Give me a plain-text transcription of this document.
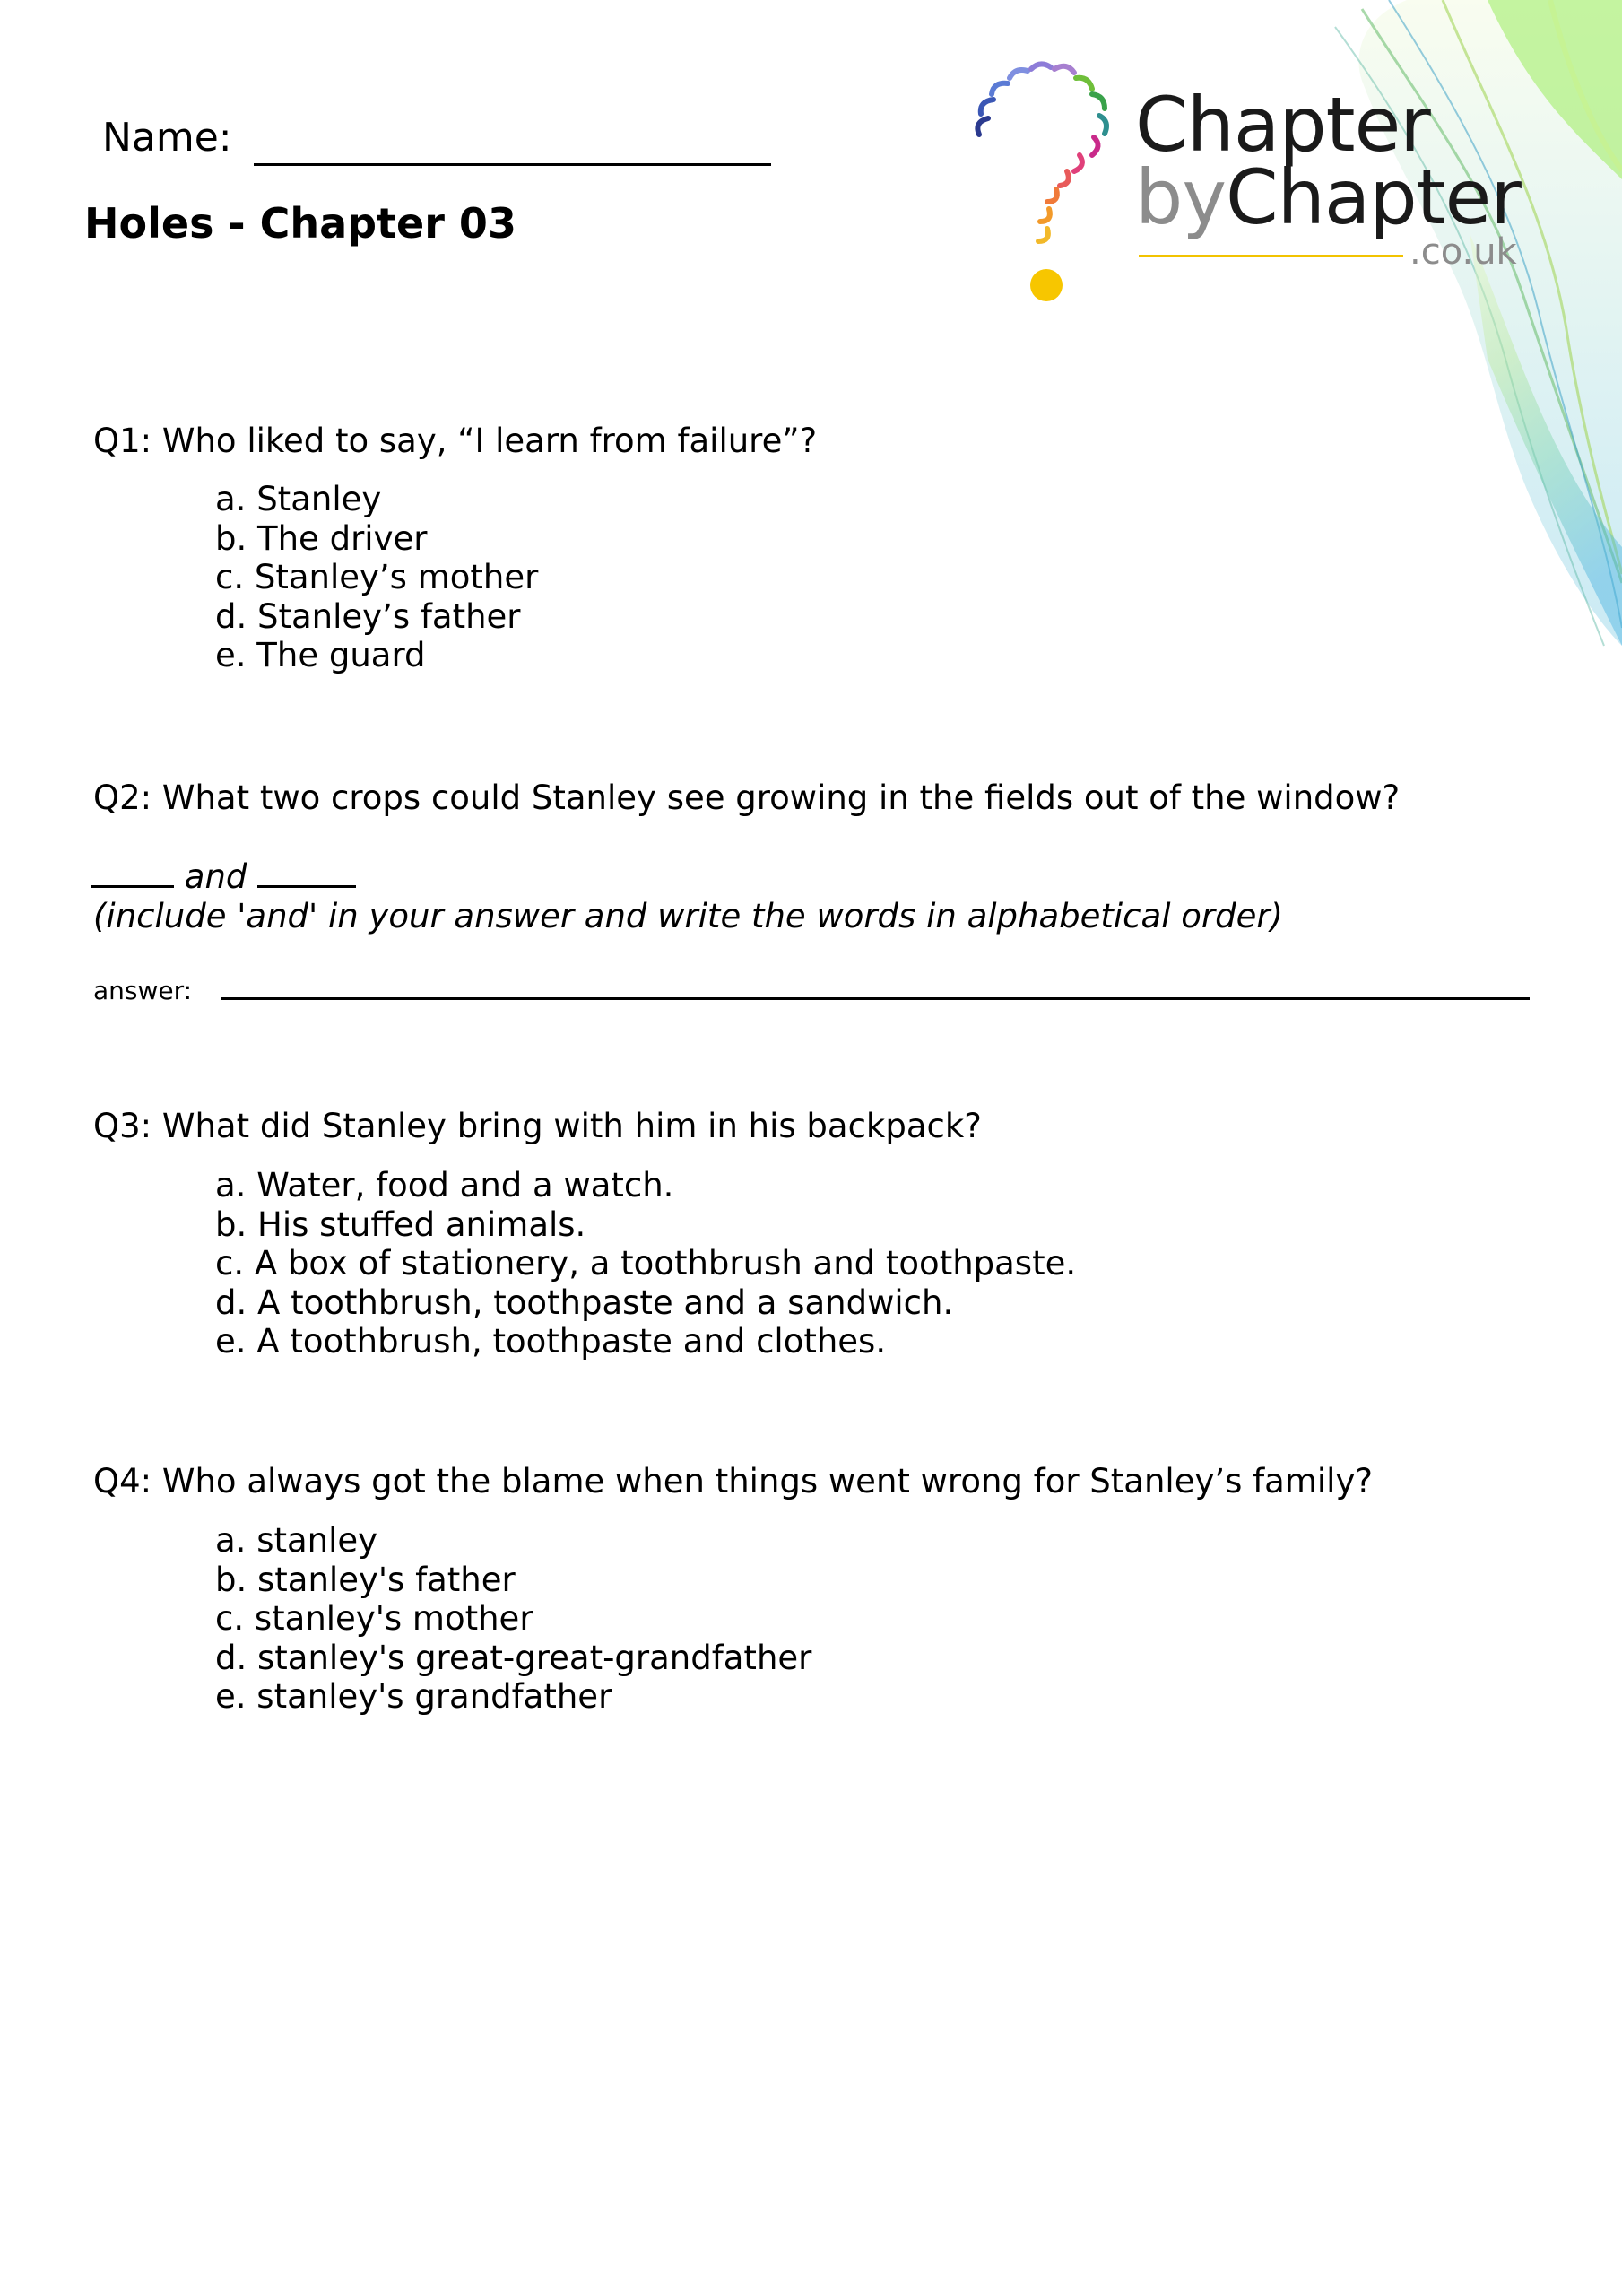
Name:
Holes - Chapter 03
Chapter
byChapter
.co.uk
Q1: Who liked to say, “I learn from failure”?
a. Stanley
b. The driver
c. Stanley’s mother
d. Stanley’s father
e. The guard
Q2: What two crops could Stanley see growing in the fields out of the window?
and
(include 'and' in your answer and write the words in alphabetical order)
answer:
Q3: What did Stanley bring with him in his backpack?
a. Water, food and a watch.
b. His stuffed animals.
c. A box of stationery, a toothbrush and toothpaste.
d. A toothbrush, toothpaste and a sandwich.
e. A toothbrush, toothpaste and clothes.
Q4: Who always got the blame when things went wrong for Stanley’s family?
a. stanley
b. stanley's father
c. stanley's mother
d. stanley's great-great-grandfather
e. stanley's grandfather
